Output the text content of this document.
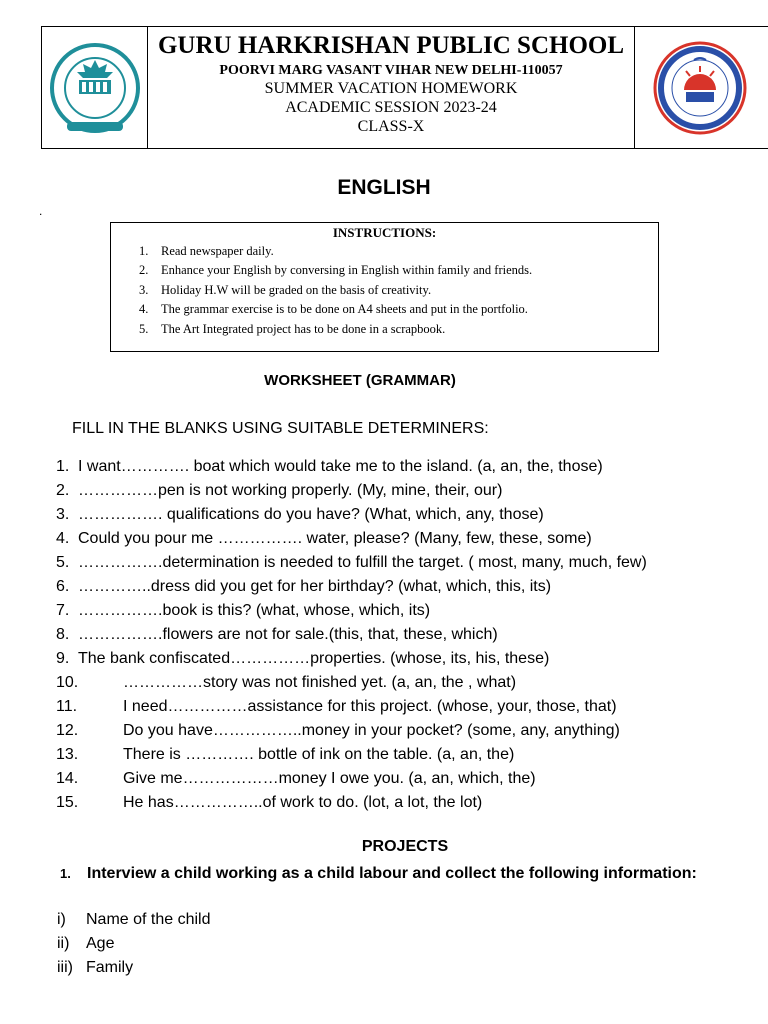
GURU HARKRISHAN PUBLIC SCHOOL
POORVI MARG VASANT VIHAR NEW DELHI-110057
SUMMER VACATION HOMEWORK
ACADEMIC SESSION 2023-24
CLASS-X
ENGLISH
.
INSTRUCTIONS:
1. Read newspaper daily.
2. Enhance your English by conversing in English within family and friends.
3. Holiday H.W will be graded on the basis of creativity.
4. The grammar exercise is to be done on A4 sheets and put in the portfolio.
5. The Art Integrated project has to be done in a scrapbook.
WORKSHEET (GRAMMAR)
FILL IN THE BLANKS USING SUITABLE DETERMINERS:
1. I want…………. boat which would take me to the island. (a, an, the, those)
2. ……………pen is not working properly. (My, mine, their, our)
3. ……………. qualifications do you have? (What, which, any, those)
4. Could you pour me ……………. water, please? (Many, few, these, some)
5. …………….determination is needed to fulfill the target. ( most, many, much, few)
6. …………..dress did you get for her birthday? (what, which, this, its)
7. …………….book is this? (what, whose, which, its)
8. …………….flowers are not for sale.(this, that, these, which)
9. The bank confiscated……………properties. (whose, its, his, these)
10.	……………story was not finished yet. (a, an, the , what)
11.	I need……………assistance for this project. (whose, your, those, that)
12.	Do you have……………..money in your pocket? (some, any, anything)
13.	There is …………. bottle of ink on the table. (a, an, the)
14.	Give me………………money I owe you. (a, an, which, the)
15.	He has……………..of work to do. (lot, a lot, the lot)
PROJECTS
1. Interview a child working as a child labour and collect the following information:
i) Name of the child
ii) Age
iii) Family
